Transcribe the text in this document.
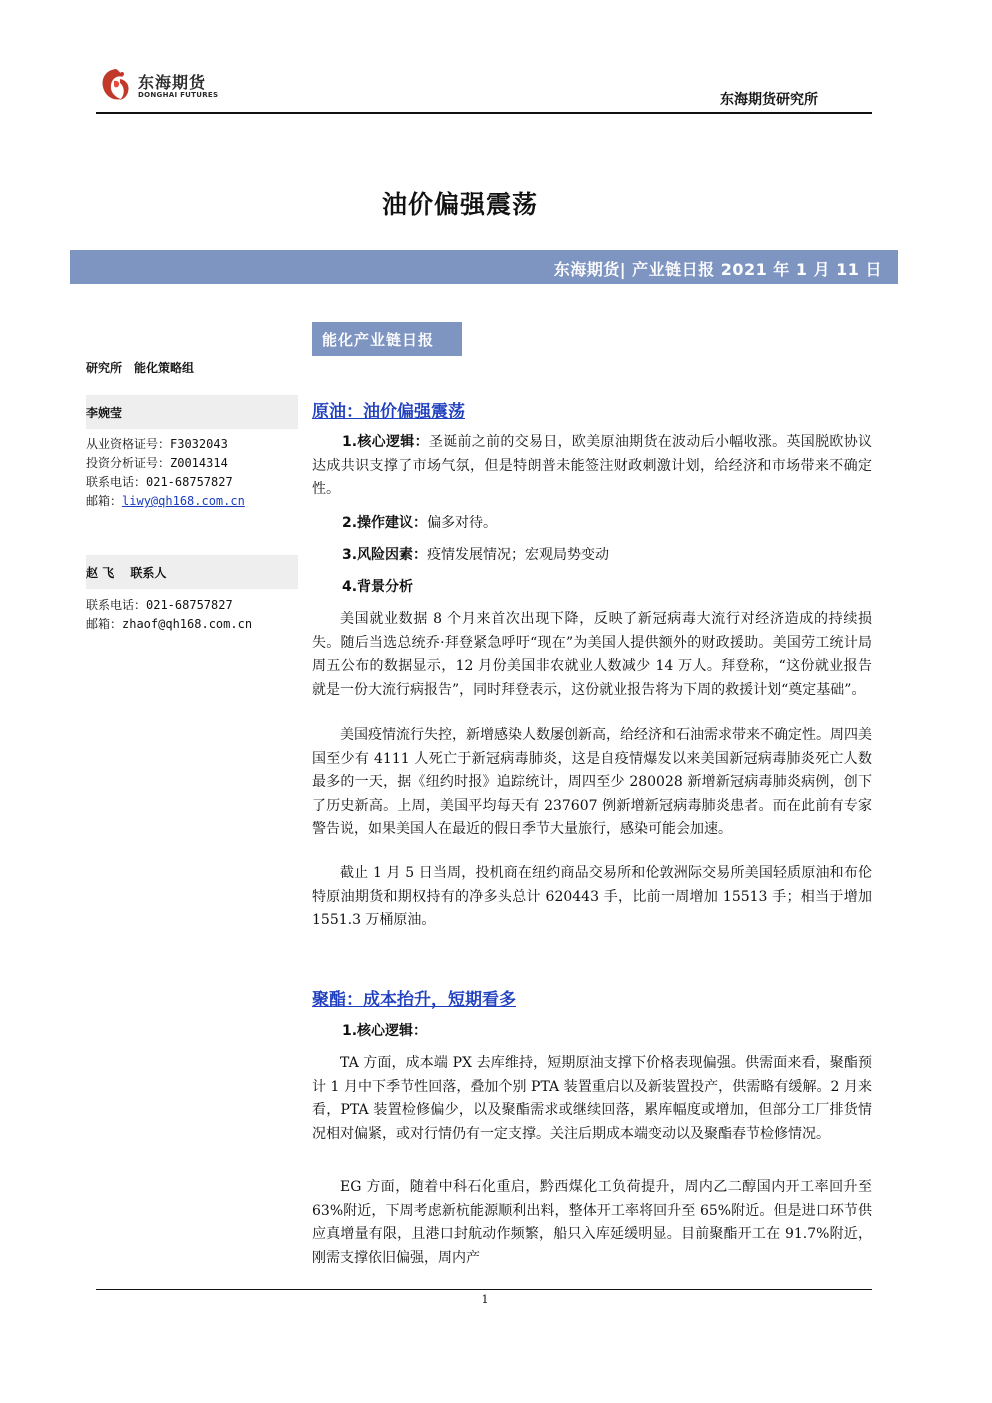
东海期货
DONGHAI FUTURES	东海期货研究所
油价偏强震荡
东海期货| 产业链日报 2021 年 1 月 11 日
能化产业链日报
研究所　能化策略组
李婉莹
从业资格证号：F3032043
投资分析证号：Z0014314
联系电话：021-68757827
邮箱：liwy@qh168.com.cn
赵 飞　 联系人
联系电话：021-68757827
邮箱：zhaof@qh168.com.cn
原油：油价偏强震荡
1.核心逻辑：圣诞前之前的交易日，欧美原油期货在波动后小幅收涨。英国脱欧协议达成共识支撑了市场气氛，但是特朗普未能签注财政刺激计划，给经济和市场带来不确定性。
2.操作建议：偏多对待。
3.风险因素：疫情发展情况；宏观局势变动
4.背景分析
美国就业数据 8 个月来首次出现下降，反映了新冠病毒大流行对经济造成的持续损失。随后当选总统乔·拜登紧急呼吁“现在”为美国人提供额外的财政援助。美国劳工统计局周五公布的数据显示，12 月份美国非农就业人数减少 14 万人。拜登称，“这份就业报告就是一份大流行病报告”，同时拜登表示，这份就业报告将为下周的救援计划“奠定基础”。
美国疫情流行失控，新增感染人数屡创新高，给经济和石油需求带来不确定性。周四美国至少有 4111 人死亡于新冠病毒肺炎，这是自疫情爆发以来美国新冠病毒肺炎死亡人数最多的一天，据《纽约时报》追踪统计，周四至少 280028 新增新冠病毒肺炎病例，创下了历史新高。上周，美国平均每天有 237607 例新增新冠病毒肺炎患者。而在此前有专家警告说，如果美国人在最近的假日季节大量旅行，感染可能会加速。
截止 1 月 5 日当周，投机商在纽约商品交易所和伦敦洲际交易所美国轻质原油和布伦特原油期货和期权持有的净多头总计 620443 手，比前一周增加 15513 手；相当于增加 1551.3 万桶原油。
聚酯：成本抬升，短期看多
1.核心逻辑：
TA 方面，成本端 PX 去库维持，短期原油支撑下价格表现偏强。供需面来看，聚酯预计 1 月中下季节性回落，叠加个别 PTA 装置重启以及新装置投产，供需略有缓解。2 月来看，PTA 装置检修偏少，以及聚酯需求或继续回落，累库幅度或增加，但部分工厂排货情况相对偏紧，或对行情仍有一定支撑。关注后期成本端变动以及聚酯春节检修情况。
EG 方面，随着中科石化重启，黔西煤化工负荷提升，周内乙二醇国内开工率回升至 63%附近，下周考虑新杭能源顺利出料，整体开工率将回升至 65%附近。但是进口环节供应真增量有限，且港口封航动作频繁，船只入库延缓明显。目前聚酯开工在 91.7%附近，刚需支撑依旧偏强，周内产
1
